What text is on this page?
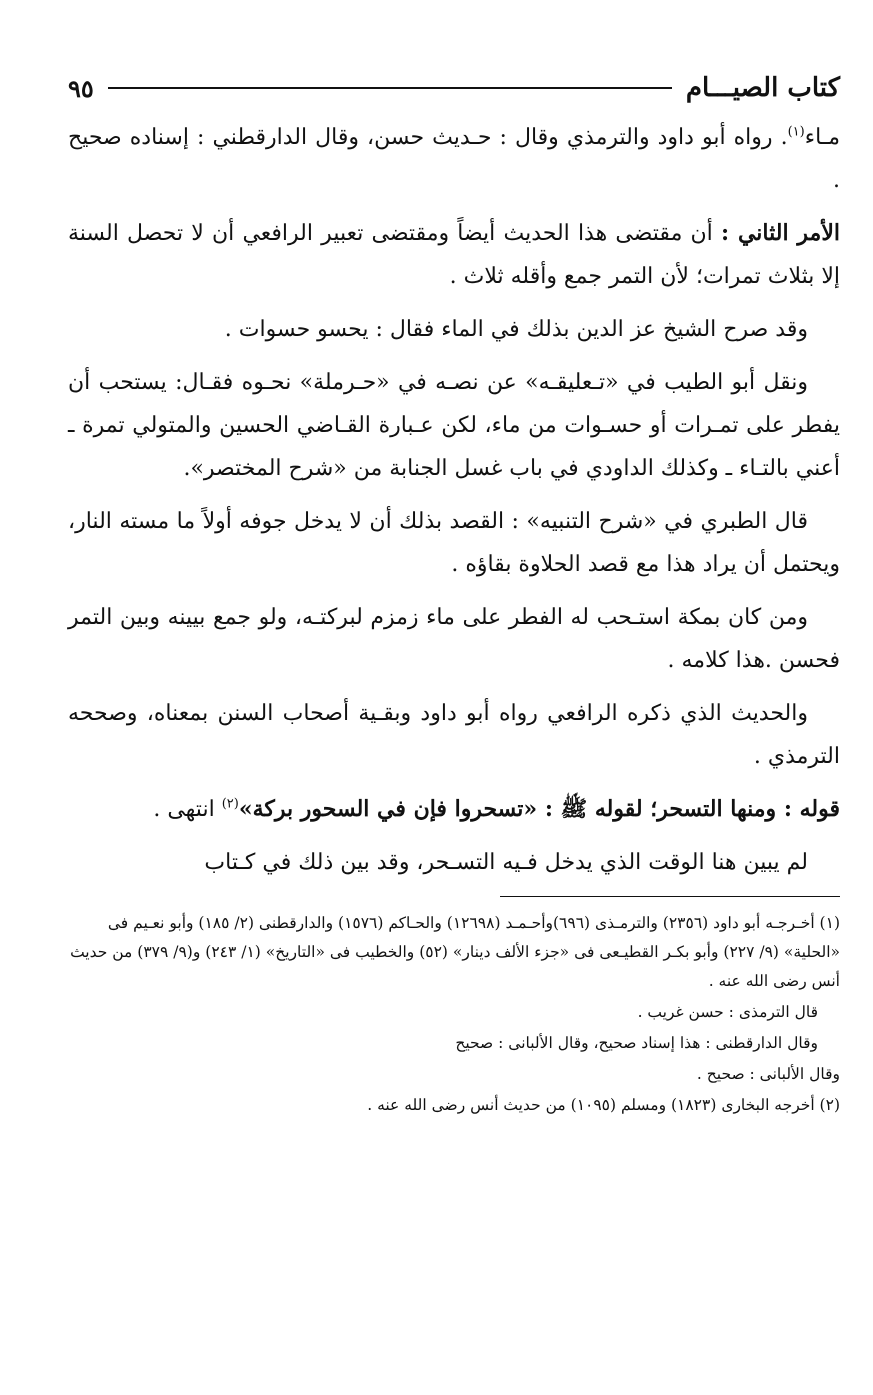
كتاب الصيـــام
٩٥

مـاء$^{(١)}$. رواه أبو داود والترمذي وقال : حـديث حسن، وقال الدارقطني : إسناده صحيح .

الأمر الثاني : أن مقتضى هذا الحديث أيضاً ومقتضى تعبير الرافعي أن لا تحصل السنة إلا بثلاث تمرات؛ لأن التمر جمع وأقله ثلاث .

وقد صرح الشيخ عز الدين بذلك في الماء فقال : يحسو حسوات .

ونقل أبو الطيب في «تـعليقـه» عن نصـه في «حـرملة» نحـوه فقـال: يستحب أن يفطر على تمـرات أو حسـوات من ماء، لكن عـبارة القـاضي الحسين والمتولي تمرة ـ أعني بالتـاء ـ وكذلك الداودي في باب غسل الجنابة من «شرح المختصر».

قال الطبري في «شرح التنبيه» : القصد بذلك أن لا يدخل جوفه أولاً ما مسته النار، ويحتمل أن يراد هذا مع قصد الحلاوة بقاؤه .

ومن كان بمكة استـحب له الفطر على ماء زمزم لبركتـه، ولو جمع بيينه وبين التمر فحسن .هذا كلامه .

والحديث الذي ذكره الرافعي رواه أبو داود وبقـية أصحاب السنن بمعناه، وصححه الترمذي .

قوله : ومنها التسحر؛ لقوله ﷺ : «تسحروا فإن في السحور بركة»$^{(٢)}$ انتهى .

لم يبين هنا الوقت الذي يدخل فـيه التسـحر، وقد بين ذلك في كـتاب

(١) أخـرجـه أبو داود (٢٣٥٦) والترمـذى (٦٩٦)وأحـمـد (١٢٦٩٨) والحـاكم (١٥٧٦) والدارقطنى (٢/ ١٨٥) وأبو نعـيم فى «الحلية» (٩/ ٢٢٧) وأبو بكـر القطيـعى فى «جزء الألف دينار» (٥٢) والخطيب فى «التاريخ» (١/ ٢٤٣) و(٩/ ٣٧٩) من حديث أنس رضى الله عنه .

قال الترمذى : حسن غريب .

وقال الدارقطنى : هذا إسناد صحيح، وقال الألبانى : صحيح

وقال الألبانى : صحيح .

(٢) أخرجه البخارى (١٨٢٣) ومسلم (١٠٩٥) من حديث أنس رضى الله عنه .
